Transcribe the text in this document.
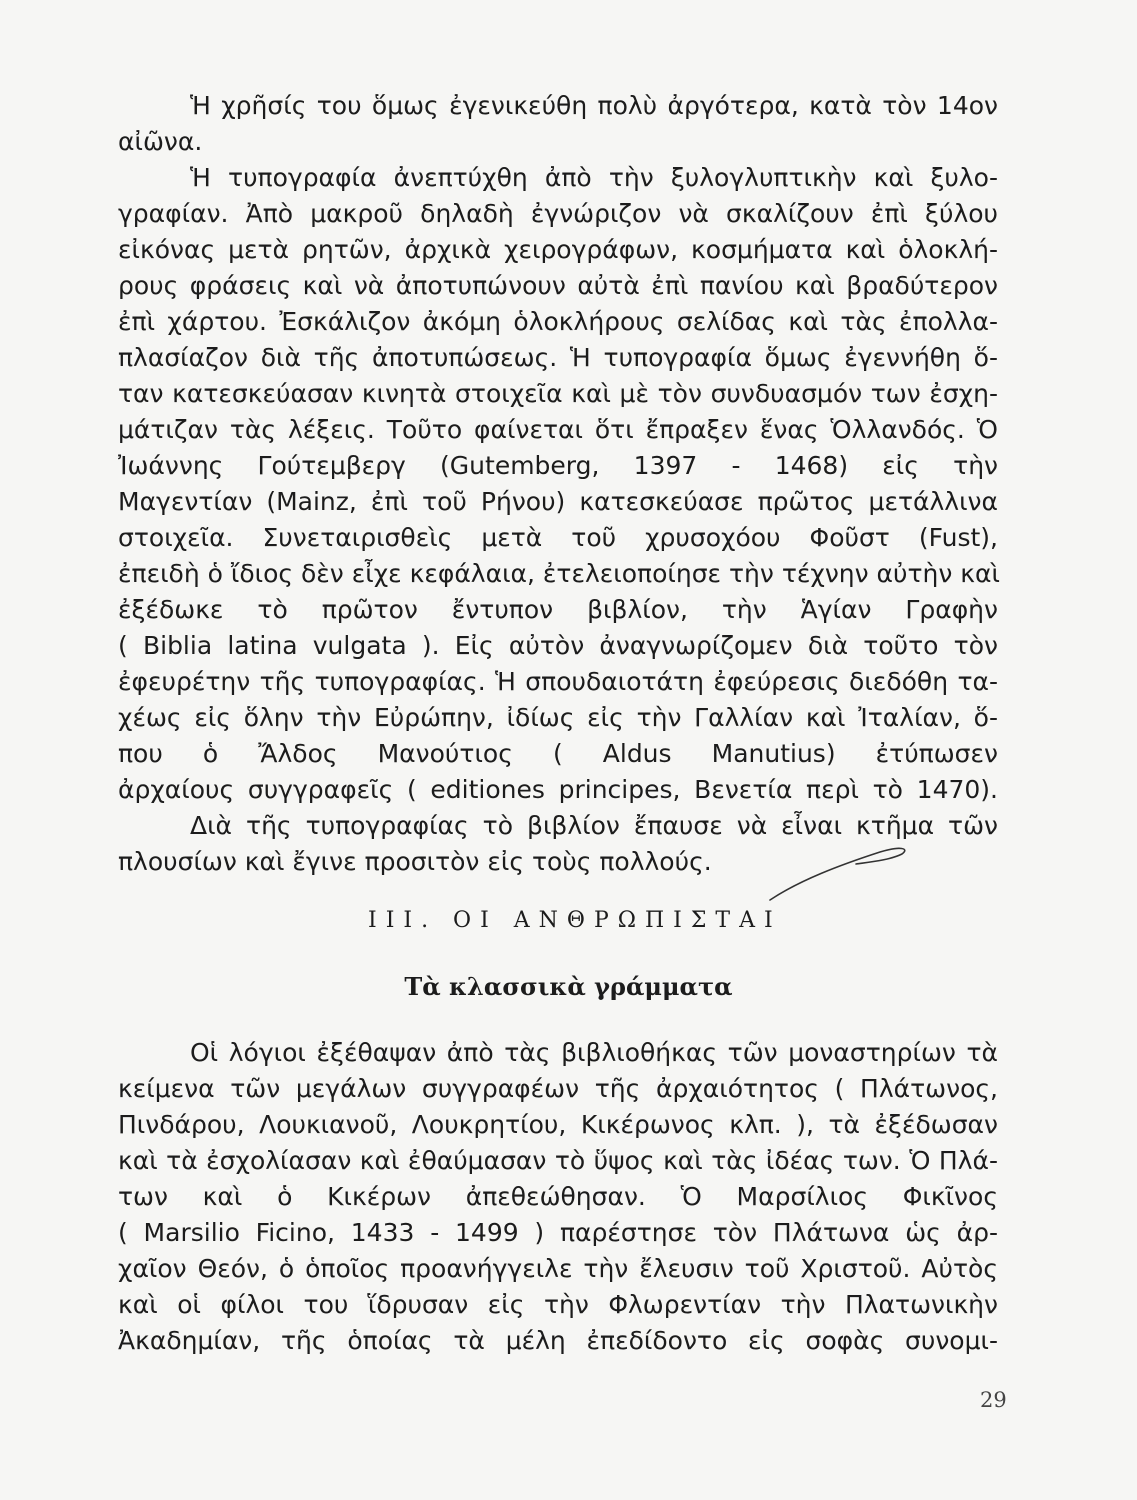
Ἡ χρῆσίς του ὅμως ἐγενικεύθη πολὺ ἀργότερα, κατὰ τὸν 14ον
αἰῶνα.
Ἡ τυπογραφία ἀνεπτύχθη ἀπὸ τὴν ξυλογλυπτικὴν καὶ ξυλο-
γραφίαν. Ἀπὸ μακροῦ δηλαδὴ ἐγνώριζον νὰ σκαλίζουν ἐπὶ ξύλου
εἰκόνας μετὰ ρητῶν, ἀρχικὰ χειρογράφων, κοσμήματα καὶ ὁλοκλή-
ρους φράσεις καὶ νὰ ἀποτυπώνουν αὐτὰ ἐπὶ πανίου καὶ βραδύτερον
ἐπὶ χάρτου. Ἐσκάλιζον ἀκόμη ὁλοκλήρους σελίδας καὶ τὰς ἐπολλα-
πλασίαζον διὰ τῆς ἀποτυπώσεως. Ἡ τυπογραφία ὅμως ἐγεννήθη ὅ-
ταν κατεσκεύασαν κινητὰ στοιχεῖα καὶ μὲ τὸν συνδυασμόν των ἐσχη-
μάτιζαν τὰς λέξεις. Τοῦτο φαίνεται ὅτι ἔπραξεν ἕνας Ὁλλανδός. Ὁ
Ἰωάννης Γούτεμβεργ (Gutemberg, 1397 - 1468) εἰς τὴν
Μαγεντίαν (Mainz, ἐπὶ τοῦ Ρήνου) κατεσκεύασε πρῶτος μετάλλινα
στοιχεῖα. Συνεταιρισθεὶς μετὰ τοῦ χρυσοχόου Φοῦστ (Fust),
ἐπειδὴ ὁ ἴδιος δὲν εἶχε κεφάλαια, ἐτελειοποίησε τὴν τέχνην αὐτὴν καὶ
ἐξέδωκε τὸ πρῶτον ἔντυπον βιβλίον, τὴν Ἁγίαν Γραφὴν
( Biblia latina vulgata ). Εἰς αὐτὸν ἀναγνωρίζομεν διὰ τοῦτο τὸν
ἐφευρέτην τῆς τυπογραφίας. Ἡ σπουδαιοτάτη ἐφεύρεσις διεδόθη τα-
χέως εἰς ὅλην τὴν Εὐρώπην, ἰδίως εἰς τὴν Γαλλίαν καὶ Ἰταλίαν, ὅ-
που ὁ Ἄλδος Μανούτιος ( Aldus Manutius) ἐτύπωσεν
ἀρχαίους συγγραφεῖς ( editiones principes, Βενετία περὶ τὸ 1470).
Διὰ τῆς τυπογραφίας τὸ βιβλίον ἔπαυσε νὰ εἶναι κτῆμα τῶν
πλουσίων καὶ ἔγινε προσιτὸν εἰς τοὺς πολλούς.
III. ΟΙ ΑΝΘΡΩΠΙΣΤΑΙ
Τὰ κλασσικὰ γράμματα
Οἱ λόγιοι ἐξέθαψαν ἀπὸ τὰς βιβλιοθήκας τῶν μοναστηρίων τὰ
κείμενα τῶν μεγάλων συγγραφέων τῆς ἀρχαιότητος ( Πλάτωνος,
Πινδάρου, Λουκιανοῦ, Λουκρητίου, Κικέρωνος κλπ. ), τὰ ἐξέδωσαν
καὶ τὰ ἐσχολίασαν καὶ ἐθαύμασαν τὸ ὕψος καὶ τὰς ἰδέας των. Ὁ Πλά-
των καὶ ὁ Κικέρων ἀπεθεώθησαν. Ὁ Μαρσίλιος Φικῖνος
( Marsilio Ficino, 1433 - 1499 ) παρέστησε τὸν Πλάτωνα ὡς ἀρ-
χαῖον Θεόν, ὁ ὁποῖος προανήγγειλε τὴν ἔλευσιν τοῦ Χριστοῦ. Αὐτὸς
καὶ οἱ φίλοι του ἵδρυσαν εἰς τὴν Φλωρεντίαν τὴν Πλατωνικὴν
Ἀκαδημίαν, τῆς ὁποίας τὰ μέλη ἐπεδίδοντο εἰς σοφὰς συνομι-
29
